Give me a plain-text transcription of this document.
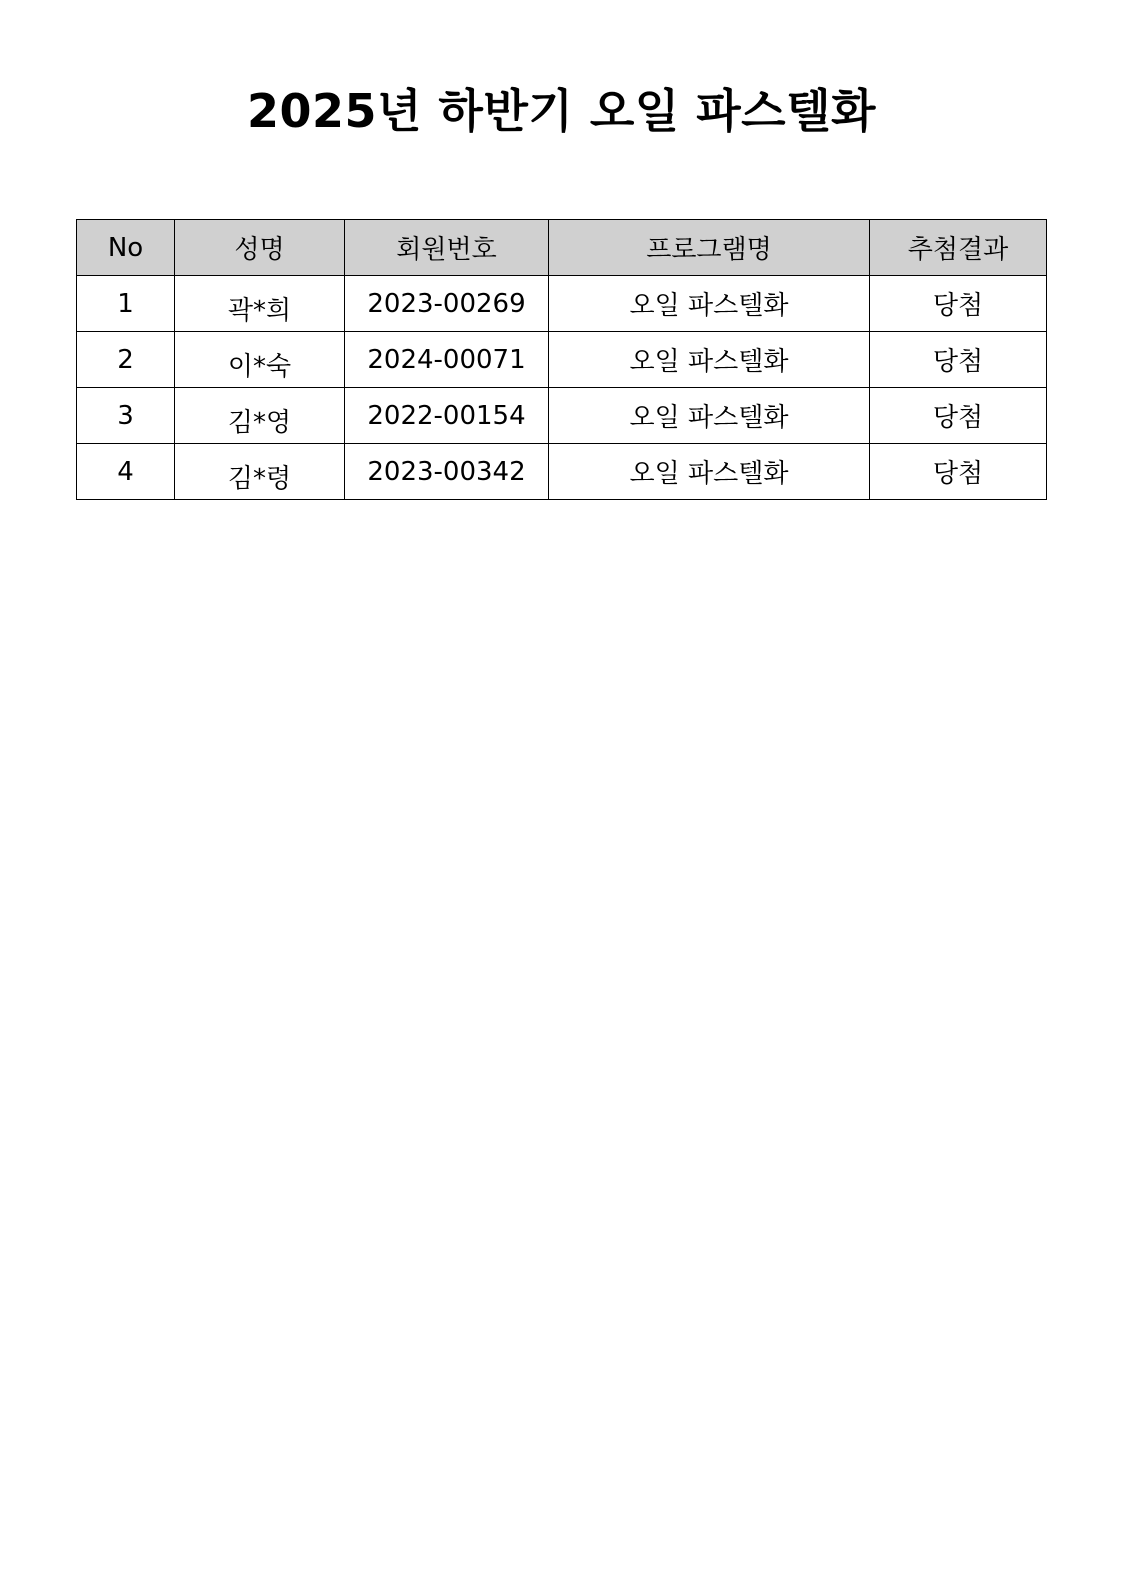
2025년 하반기 오일 파스텔화
No	성명	회원번호	프로그램명	추첨결과
1	곽*희	2023-00269	오일 파스텔화	당첨
2	이*숙	2024-00071	오일 파스텔화	당첨
3	김*영	2022-00154	오일 파스텔화	당첨
4	김*령	2023-00342	오일 파스텔화	당첨
